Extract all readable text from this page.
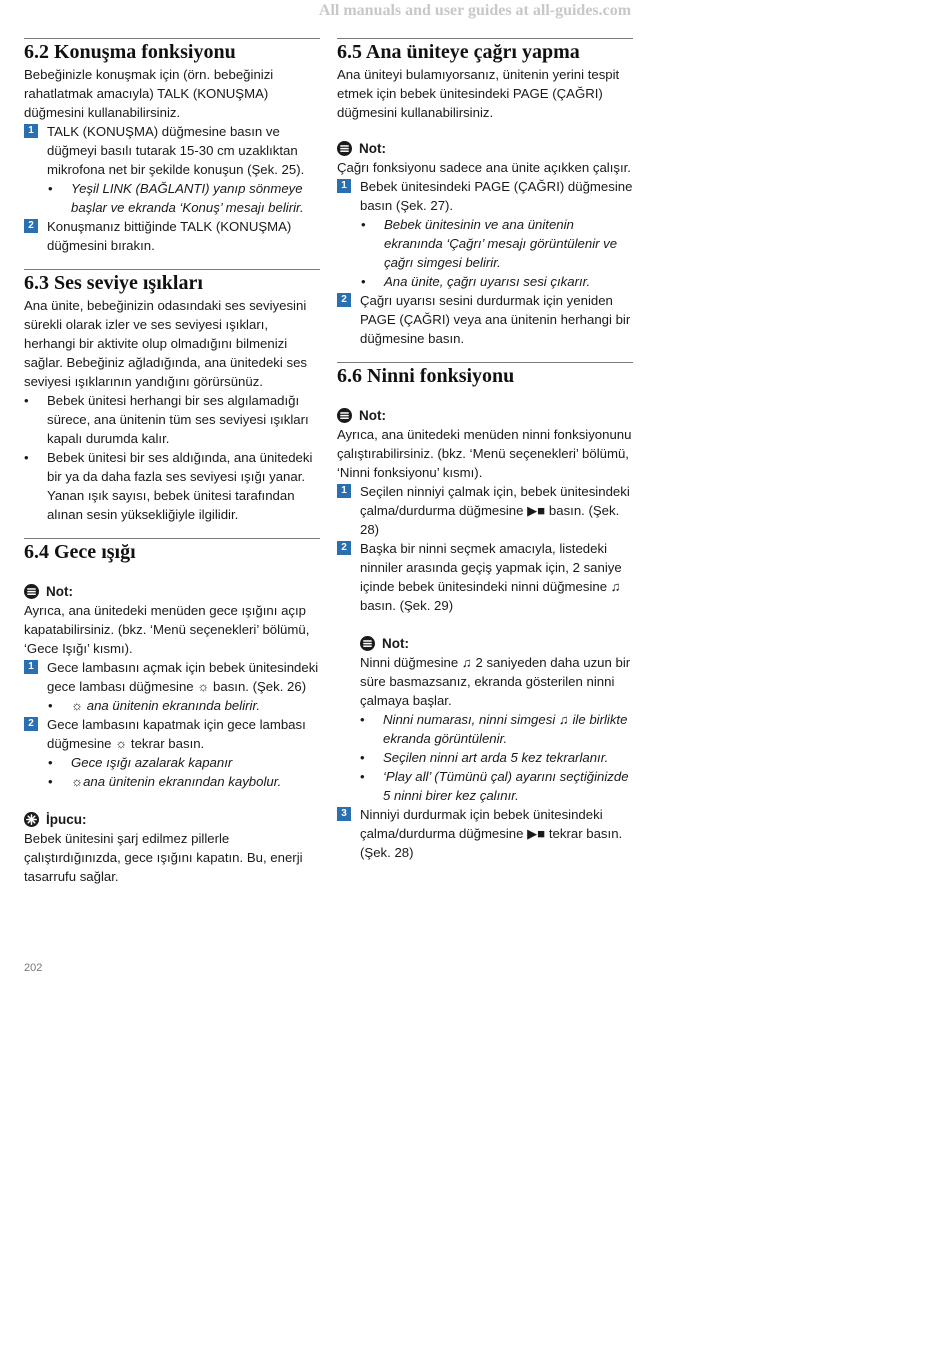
All manuals and user guides at all-guides.com
6.2 Konuşma fonksiyonu

Bebeğinizle konuşmak için (örn. bebeğinizi rahatlatmak amacıyla) TALK (KONUŞMA) düğmesini kullanabilirsiniz.

1	TALK (KONUŞMA) düğmesine basın ve düğmeyi basılı tutarak 15-30 cm uzaklıktan mikrofona net bir şekilde konuşun (Şek. 25).
•	Yeşil LINK (BAĞLANTI) yanıp sönmeye başlar ve ekranda ‘Konuş’ mesajı belirir.
2	Konuşmanız bittiğinde TALK (KONUŞMA) düğmesini bırakın.
6.3 Ses seviye ışıkları

Ana ünite, bebeğinizin odasındaki ses seviyesini sürekli olarak izler ve ses seviyesi ışıkları, herhangi bir aktivite olup olmadığını bilmenizi sağlar. Bebeğiniz ağladığında, ana ünitedeki ses seviyesi ışıklarının yandığını görürsünüz.

•	Bebek ünitesi herhangi bir ses algılamadığı sürece, ana ünitenin tüm ses seviyesi ışıkları kapalı durumda kalır.
•	Bebek ünitesi bir ses aldığında, ana ünitedeki bir ya da daha fazla ses seviyesi ışığı yanar. Yanan ışık sayısı, bebek ünitesi tarafından alınan sesin yüksekliğiyle ilgilidir.
6.4 Gece ışığı
Not:

Ayrıca, ana ünitedeki menüden gece ışığını açıp kapatabilirsiniz. (bkz. ‘Menü seçenekleri’ bölümü, ‘Gece Işığı’ kısmı).

1	Gece lambasını açmak için bebek ünitesindeki gece lambası düğmesine ☼ basın. (Şek. 26)
•	☼ ana ünitenin ekranında belirir.
2	Gece lambasını kapatmak için gece lambası düğmesine ☼ tekrar basın.
•	Gece ışığı azalarak kapanır
•	☼ana ünitenin ekranından kaybolur.
İpucu:

Bebek ünitesini şarj edilmez pillerle çalıştırdığınızda, gece ışığını kapatın. Bu, enerji tasarrufu sağlar.

6.5 Ana üniteye çağrı yapma

Ana üniteyi bulamıyorsanız, ünitenin yerini tespit etmek için bebek ünitesindeki PAGE (ÇAĞRI) düğmesini kullanabilirsiniz.

Not:

Çağrı fonksiyonu sadece ana ünite açıkken çalışır.

1	Bebek ünitesindeki PAGE (ÇAĞRI) düğmesine basın (Şek. 27).
•	Bebek ünitesinin ve ana ünitenin ekranında ‘Çağrı’ mesajı görüntülenir ve çağrı simgesi belirir.
•	Ana ünite, çağrı uyarısı sesi çıkarır.
2	Çağrı uyarısı sesini durdurmak için yeniden PAGE (ÇAĞRI) veya ana ünitenin herhangi bir düğmesine basın.
6.6 Ninni fonksiyonu
Not:

Ayrıca, ana ünitedeki menüden ninni fonksiyonunu çalıştırabilirsiniz. (bkz. ‘Menü seçenekleri’ bölümü, ‘Ninni fonksiyonu’ kısmı).

1	Seçilen ninniyi çalmak için, bebek ünitesindeki çalma/durdurma düğmesine ▶■ basın. (Şek. 28)
2	Başka bir ninni seçmek amacıyla, listedeki ninniler arasında geçiş yapmak için, 2 saniye içinde bebek ünitesindeki ninni düğmesine ♫ basın. (Şek. 29)
Not:

Ninni düğmesine ♫ 2 saniyeden daha uzun bir süre basmazsanız, ekranda gösterilen ninni çalmaya başlar.

•	Ninni numarası, ninni simgesi ♫ ile birlikte ekranda görüntülenir.
•	Seçilen ninni art arda 5 kez tekrarlanır.
•	‘Play all’ (Tümünü çal) ayarını seçtiğinizde 5 ninni birer kez çalınır.
3	Ninniyi durdurmak için bebek ünitesindeki çalma/durdurma düğmesine ▶■ tekrar basın. (Şek. 28)
202
